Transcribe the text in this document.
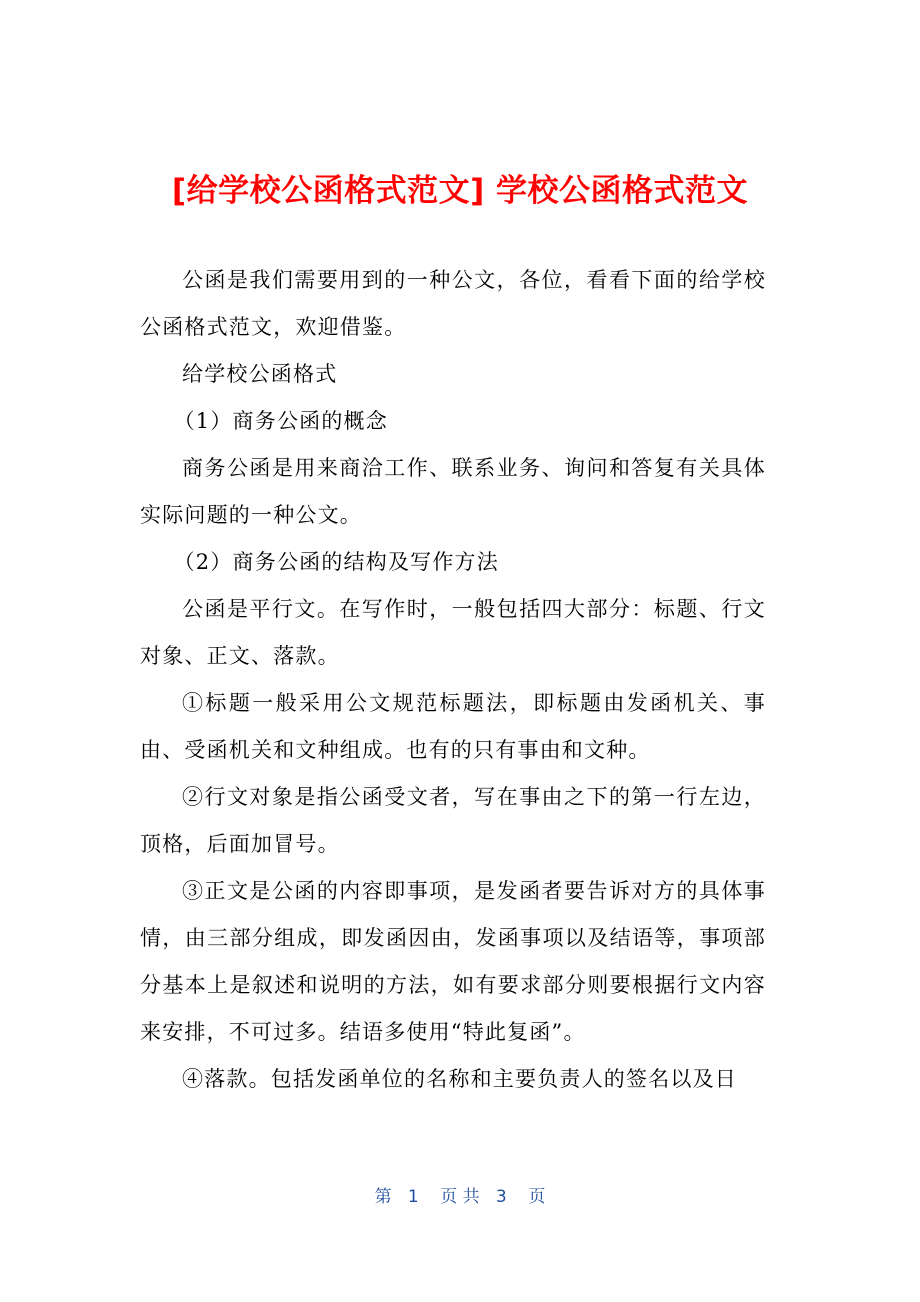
[给学校公函格式范文] 学校公函格式范文

公函是我们需要用到的一种公文，各位，看看下面的给学校公函格式范文，欢迎借鉴。

给学校公函格式

（1）商务公函的概念

商务公函是用来商洽工作、联系业务、询问和答复有关具体实际问题的一种公文。

（2）商务公函的结构及写作方法

公函是平行文。在写作时，一般包括四大部分：标题、行文对象、正文、落款。

①标题一般采用公文规范标题法，即标题由发函机关、事由、受函机关和文种组成。也有的只有事由和文种。

②行文对象是指公函受文者，写在事由之下的第一行左边，顶格，后面加冒号。

③正文是公函的内容即事项，是发函者要告诉对方的具体事情，由三部分组成，即发函因由，发函事项以及结语等，事项部分基本上是叙述和说明的方法，如有要求部分则要根据行文内容来安排，不可过多。结语多使用“特此复函”。

④落款。包括发函单位的名称和主要负责人的签名以及日

第   1    页 共   3    页
